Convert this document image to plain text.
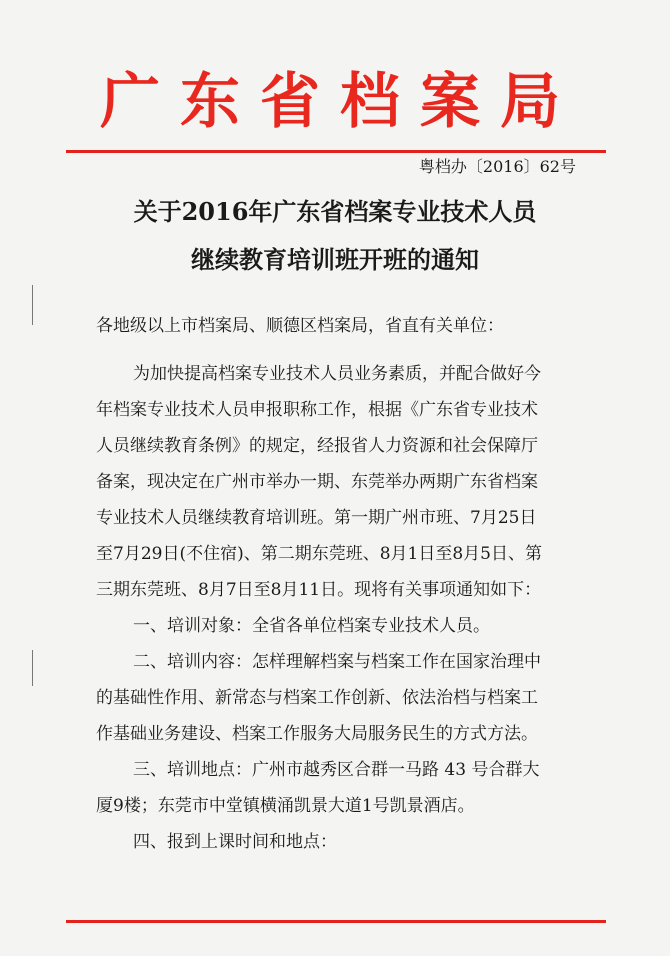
广东省档案局
粤档办〔2016〕62号
关于2016年广东省档案专业技术人员
继续教育培训班开班的通知
各地级以上市档案局、顺德区档案局，省直有关单位：
为加快提高档案专业技术人员业务素质，并配合做好今
年档案专业技术人员申报职称工作，根据《广东省专业技术
人员继续教育条例》的规定，经报省人力资源和社会保障厅
备案，现决定在广州市举办一期、东莞举办两期广东省档案
专业技术人员继续教育培训班。第一期广州市班、7月25日
至7月29日(不住宿)、第二期东莞班、8月1日至8月5日、第
三期东莞班、8月7日至8月11日。现将有关事项通知如下：
一、培训对象：全省各单位档案专业技术人员。
二、培训内容：怎样理解档案与档案工作在国家治理中
的基础性作用、新常态与档案工作创新、依法治档与档案工
作基础业务建设、档案工作服务大局服务民生的方式方法。
三、培训地点：广州市越秀区合群一马路 43 号合群大
厦9楼；东莞市中堂镇横涌凯景大道1号凯景酒店。
四、报到上课时间和地点：
